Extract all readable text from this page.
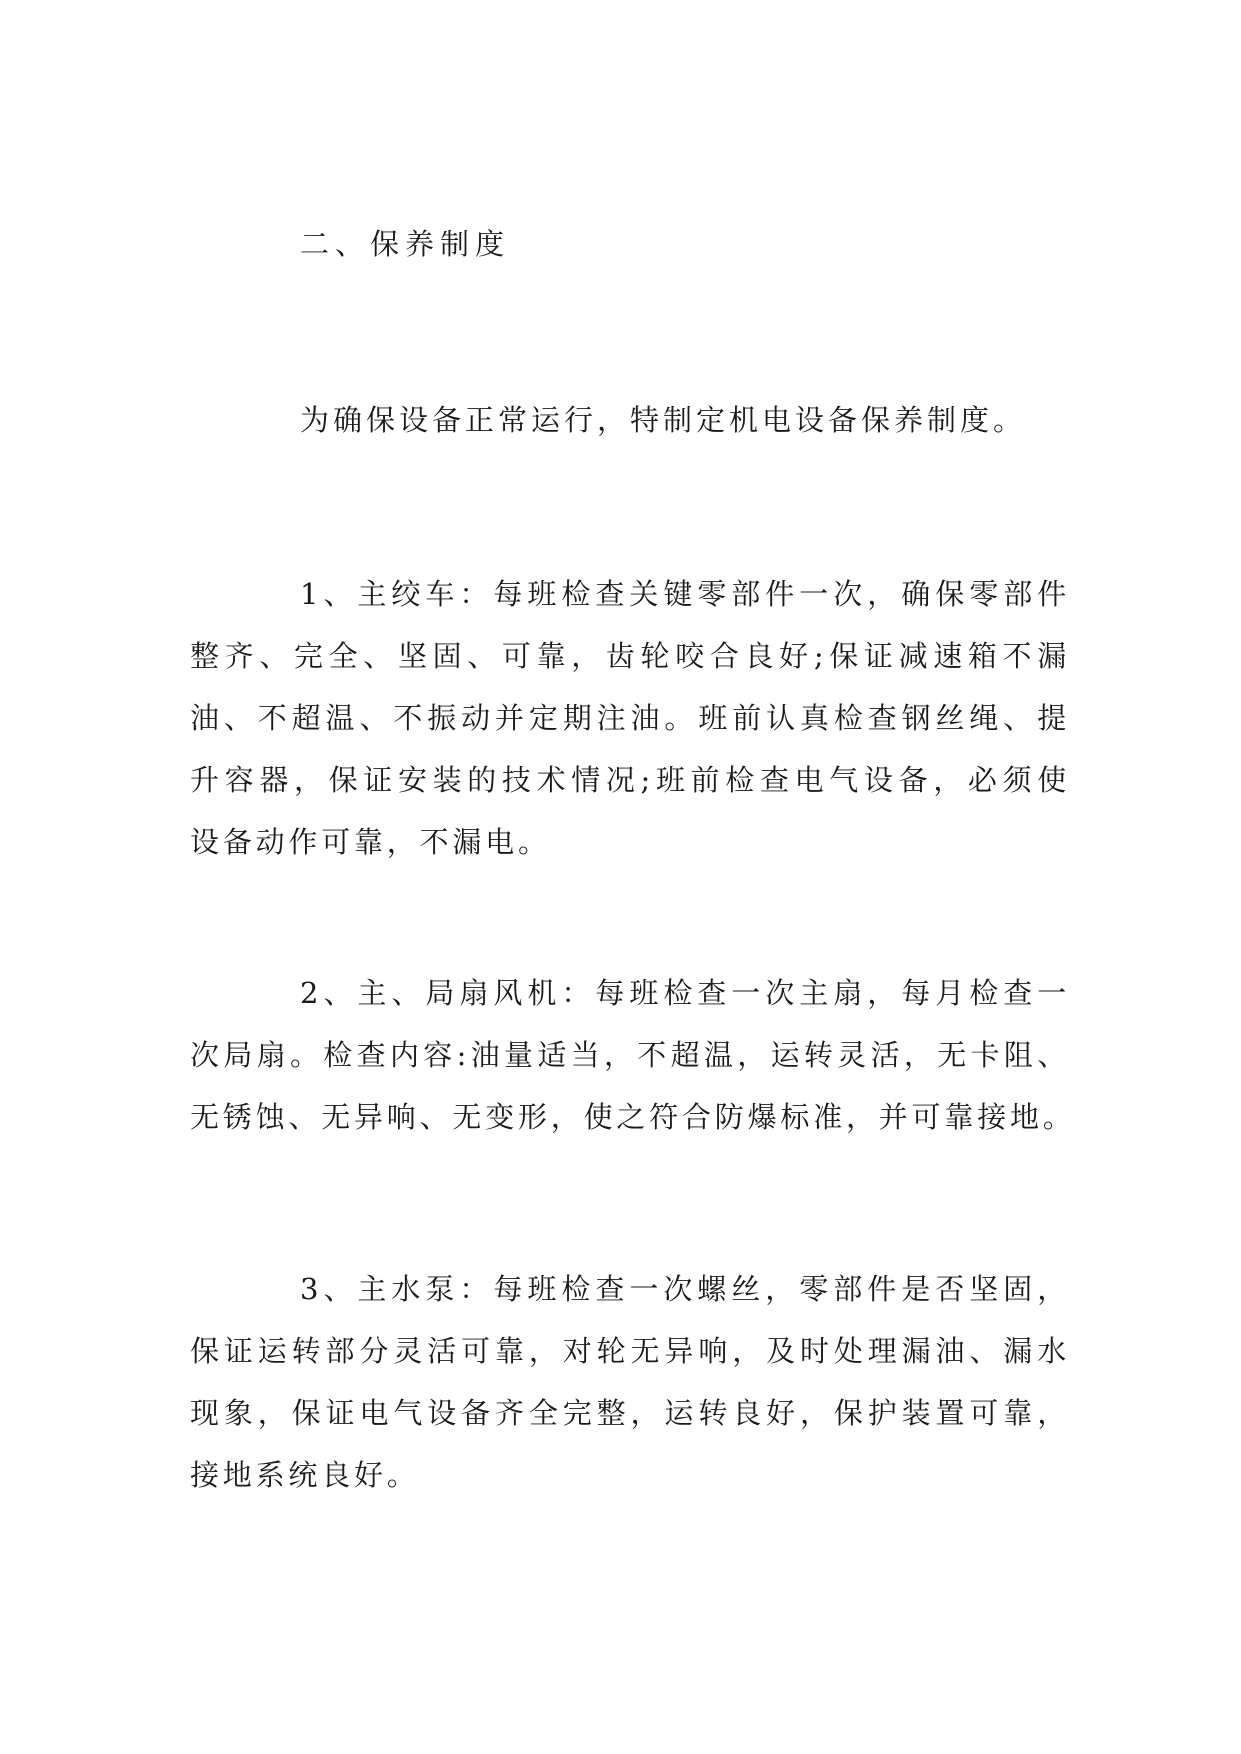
二、保养制度
为确保设备正常运行，特制定机电设备保养制度。
1、主绞车：每班检查关键零部件一次，确保零部件
整齐、完全、坚固、可靠，齿轮咬合良好;保证减速箱不漏
油、不超温、不振动并定期注油。班前认真检查钢丝绳、提
升容器，保证安装的技术情况;班前检查电气设备，必须使
设备动作可靠，不漏电。
2、主、局扇风机：每班检查一次主扇，每月检查一
次局扇。检查内容:油量适当，不超温，运转灵活，无卡阻、
无锈蚀、无异响、无变形，使之符合防爆标准，并可靠接地。
3、主水泵：每班检查一次螺丝，零部件是否坚固，
保证运转部分灵活可靠，对轮无异响，及时处理漏油、漏水
现象，保证电气设备齐全完整，运转良好，保护装置可靠，
接地系统良好。
